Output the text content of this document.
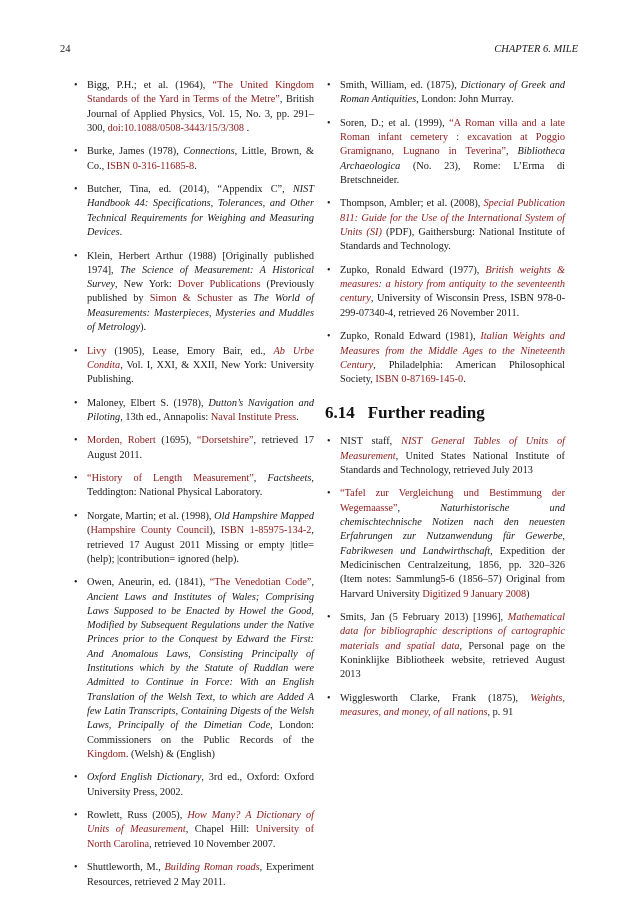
24	CHAPTER 6. MILE
• Bigg, P.H.; et al. (1964), “The United Kingdom Standards of the Yard in Terms of the Metre”, British Journal of Applied Physics, Vol. 15, No. 3, pp. 291–300, doi:10.1088/0508-3443/15/3/308 .
• Burke, James (1978), Connections, Little, Brown, & Co., ISBN 0-316-11685-8.
• Butcher, Tina, ed. (2014), “Appendix C”, NIST Handbook 44: Specifications, Tolerances, and Other Technical Requirements for Weighing and Measuring Devices.
• Klein, Herbert Arthur (1988) [Originally published 1974], The Science of Measurement: A Historical Survey, New York: Dover Publications (Previously published by Simon & Schuster as The World of Measurements: Masterpieces, Mysteries and Muddles of Metrology).
• Livy (1905), Lease, Emory Bair, ed., Ab Urbe Condita, Vol. I, XXI, & XXII, New York: University Publishing.
• Maloney, Elbert S. (1978), Dutton’s Navigation and Piloting, 13th ed., Annapolis: Naval Institute Press.
• Morden, Robert (1695), “Dorsetshire”, retrieved 17 August 2011.
• “History of Length Measurement”, Factsheets, Teddington: National Physical Laboratory.
• Norgate, Martin; et al. (1998), Old Hampshire Mapped (Hampshire County Council), ISBN 1-85975-134-2, retrieved 17 August 2011 Missing or empty |title= (help); |contribution= ignored (help).
• Owen, Aneurin, ed. (1841), “The Venedotian Code”, Ancient Laws and Institutes of Wales; Comprising Laws Supposed to be Enacted by Howel the Good, Modified by Subsequent Regulations under the Native Princes prior to the Conquest by Edward the First: And Anomalous Laws, Consisting Principally of Institutions which by the Statute of Ruddlan were Admitted to Continue in Force: With an English Translation of the Welsh Text, to which are Added A few Latin Transcripts, Containing Digests of the Welsh Laws, Principally of the Dimetian Code, London: Commissioners on the Public Records of the Kingdom. (Welsh) & (English)
• Oxford English Dictionary, 3rd ed., Oxford: Oxford University Press, 2002.
• Rowlett, Russ (2005), How Many? A Dictionary of Units of Measurement, Chapel Hill: University of North Carolina, retrieved 10 November 2007.
• Shuttleworth, M., Building Roman roads, Experiment Resources, retrieved 2 May 2011.
• Smith, William, ed. (1875), Dictionary of Greek and Roman Antiquities, London: John Murray.
• Soren, D.; et al. (1999), “A Roman villa and a late Roman infant cemetery : excavation at Poggio Gramignano, Lugnano in Teverina”, Bibliotheca Archaeologica (No. 23), Rome: L’Erma di Bretschneider.
• Thompson, Ambler; et al. (2008), Special Publication 811: Guide for the Use of the International System of Units (SI) (PDF), Gaithersburg: National Institute of Standards and Technology.
• Zupko, Ronald Edward (1977), British weights & measures: a history from antiquity to the seventeenth century, University of Wisconsin Press, ISBN 978-0-299-07340-4, retrieved 26 November 2011.
• Zupko, Ronald Edward (1981), Italian Weights and Measures from the Middle Ages to the Nineteenth Century, Philadelphia: American Philosophical Society, ISBN 0-87169-145-0.
6.14 Further reading
• NIST staff, NIST General Tables of Units of Measurement, United States National Institute of Standards and Technology, retrieved July 2013
• “Tafel zur Vergleichung und Bestimmung der Wegemaasse”, Naturhistorische und chemischtechnische Notizen nach den neuesten Erfahrungen zur Nutzanwendung für Gewerbe, Fabrikwesen und Landwirthschaft, Expedition der Medicinischen Centralzeitung, 1856, pp. 320–326 (Item notes: Sammlung5-6 (1856–57) Original from Harvard University Digitized 9 January 2008)
• Smits, Jan (5 February 2013) [1996], Mathematical data for bibliographic descriptions of cartographic materials and spatial data, Personal page on the Koninklijke Bibliotheek website, retrieved August 2013
• Wigglesworth Clarke, Frank (1875), Weights, measures, and money, of all nations, p. 91
